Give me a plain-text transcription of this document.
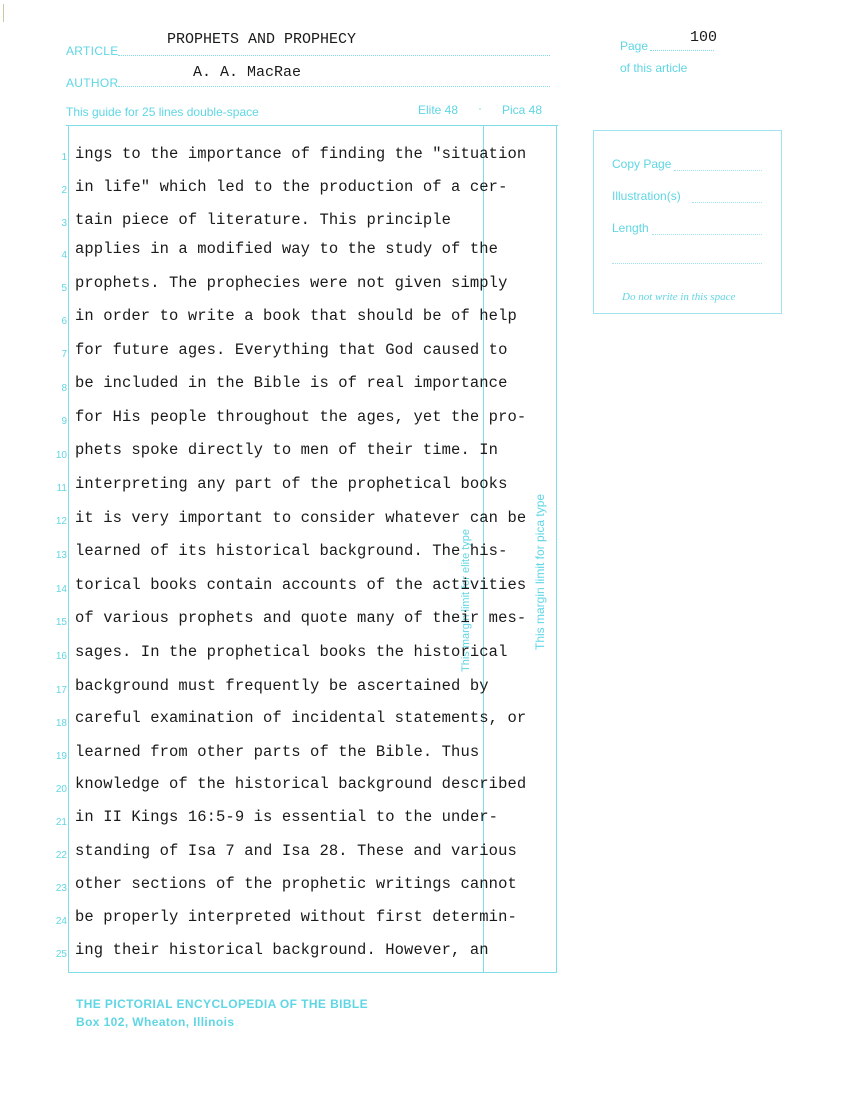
ARTICLE
PROPHETS AND PROPHECY
AUTHOR
A. A. MacRae
Page	100
of this article
This guide for 25 lines double-space	Elite 48 · Pica 48
This margin limit for elite type	This margin limit for pica type
Copy Page
Illustration(s)
Length
Do not write in this space
1 ings to the importance of finding the "situation
2 in life" which led to the production of a cer-
3 tain piece of literature. This principle
4 applies in a modified way to the study of the
5 prophets. The prophecies were not given simply
6 in order to write a book that should be of help
7 for future ages. Everything that God caused to
8 be included in the Bible is of real importance
9 for His people throughout the ages, yet the pro-
10 phets spoke directly to men of their time. In
11 interpreting any part of the prophetical books
12 it is very important to consider whatever can be
13 learned of its historical background. The his-
14 torical books contain accounts of the activities
15 of various prophets and quote many of their mes-
16 sages. In the prophetical books the historical
17 background must frequently be ascertained by
18 careful examination of incidental statements, or
19 learned from other parts of the Bible. Thus
20 knowledge of the historical background described
21 in II Kings 16:5-9 is essential to the under-
22 standing of Isa 7 and Isa 28. These and various
23 other sections of the prophetic writings cannot
24 be properly interpreted without first determin-
25 ing their historical background. However, an
THE PICTORIAL ENCYCLOPEDIA OF THE BIBLE
Box 102, Wheaton, Illinois
